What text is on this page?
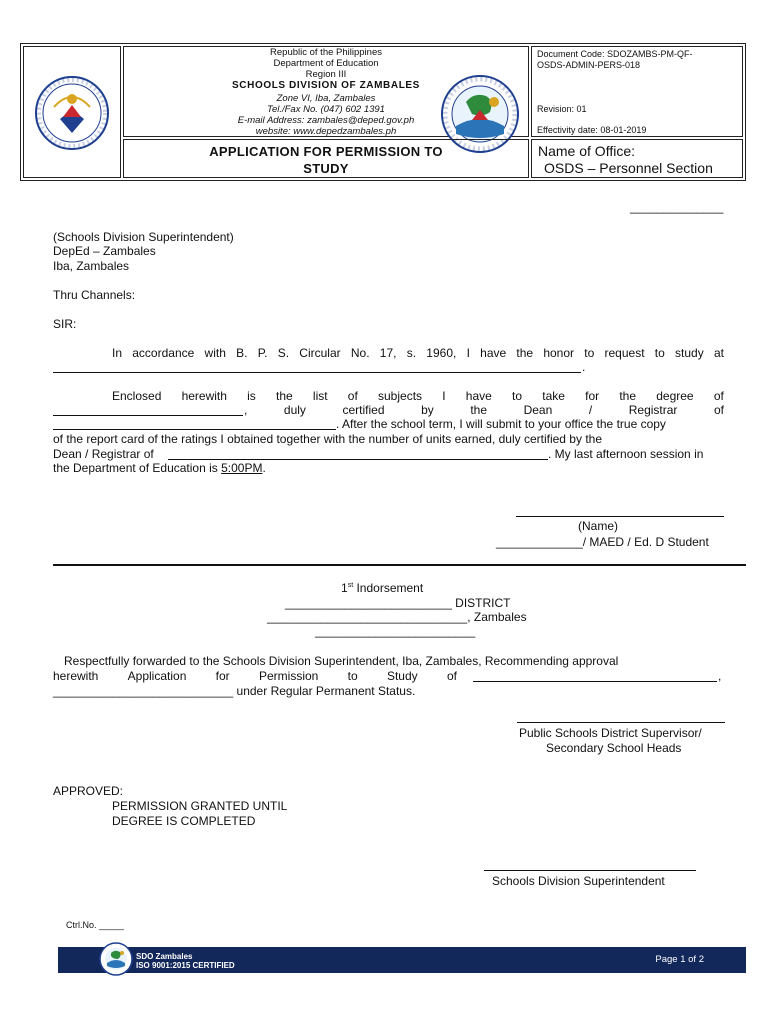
Republic of the Philippines
Department of Education
Region III
SCHOOLS DIVISION OF ZAMBALES
Zone VI, Iba, Zambales
Tel./Fax No. (047) 602 1391
E-mail Address: zambales@deped.gov.ph
website: www.depedzambales.ph
Document Code: SDOZAMBS-PM-QF-
OSDS-ADMIN-PERS-018
Revision: 01
Effectivity date: 08-01-2019
APPLICATION FOR PERMISSION TO
STUDY
Name of Office:
OSDS – Personnel Section
______________
(Schools Division Superintendent)
DepEd – Zambales
Iba, Zambales
Thru Channels:
SIR:
In accordance with B. P. S. Circular No. 17, s. 1960, I have the honor to request to study at
.
Enclosed herewith is the list of subjects I have to take for the degree of
,	duly	certified	by	the	Dean	/	Registrar	of
. After the school term, I will submit to your office the true copy
of the report card of the ratings I obtained together with the number of units earned, duly certified by the
Dean / Registrar of	. My last afternoon session in
the Department of Education is 5:00PM.
(Name)
_____________/ MAED / Ed. D Student
1st Indorsement
_________________________ DISTRICT
______________________________, Zambales
________________________
Respectfully forwarded to the Schools Division Superintendent, Iba, Zambales, Recommending approval
herewith Application for Permission to Study of	,
___________________________ under Regular Permanent Status.
Public Schools District Supervisor/
Secondary School Heads
APPROVED:
PERMISSION GRANTED UNTIL
DEGREE IS COMPLETED
Schools Division Superintendent
Ctrl.No. _____
SDO Zambales
ISO 9001:2015 CERTIFIED
Page 1 of 2
